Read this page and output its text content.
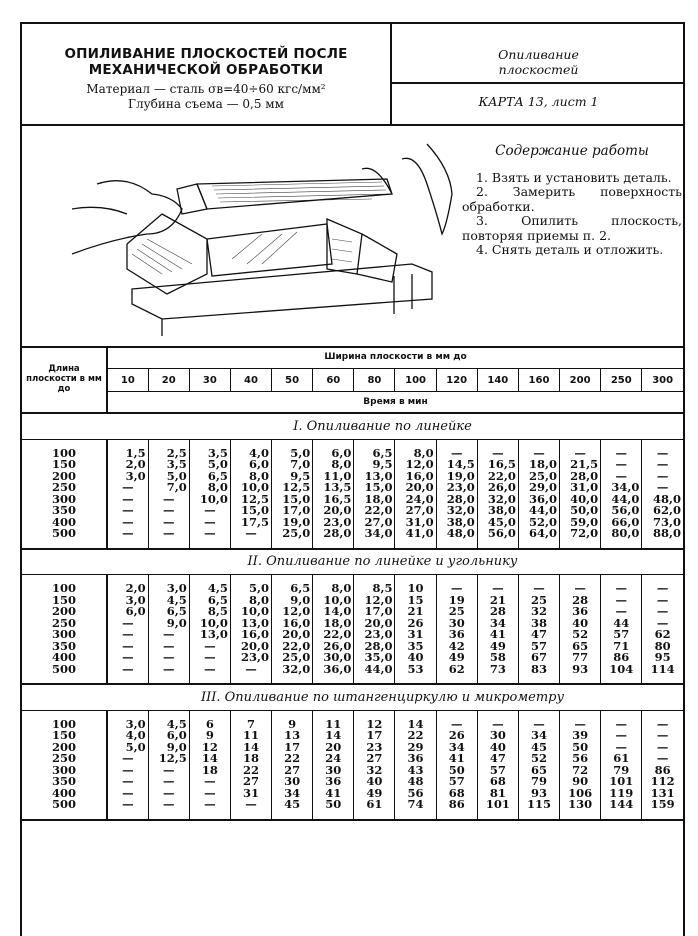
ОПИЛИВАНИЕ ПЛОСКОСТЕЙ ПОСЛЕ
МЕХАНИЧЕСКОЙ ОБРАБОТКИ
Материал — сталь σв=40÷60 кгс/мм²
Глубина съема — 0,5 мм
Опиливание
плоскостей
КАРТА 13, лист 1
Содержание работы
1. Взять и установить деталь.
2. Замерить поверхность обработки.
3. Опилить плоскость, повторяя приемы п. 2.
4. Снять деталь и отложить.
Длина плоскости в мм до	Ширина плоскости в мм до													
	10	20	30	40	50	60	80	100	120	140	160	200	250	300
	Время в мин													
I. Опиливание по линейке														
100	1,5	2,5	3,5	4,0	5,0	6,0	6,5	8,0	—	—	—	—	—	—
150	2,0	3,5	5,0	6,0	7,0	8,0	9,5	12,0	14,5	16,5	18,0	21,5	—	—
200	3,0	5,0	6,5	8,0	9,5	11,0	13,0	16,0	19,0	22,0	25,0	28,0	—	—
250	—	7,0	8,0	10,0	12,5	13,5	15,0	20,0	23,0	26,0	29,0	31,0	34,0	—
300	—	—	10,0	12,5	15,0	16,5	18,0	24,0	28,0	32,0	36,0	40,0	44,0	48,0
350	—	—	—	15,0	17,0	20,0	22,0	27,0	32,0	38,0	44,0	50,0	56,0	62,0
400	—	—	—	17,5	19,0	23,0	27,0	31,0	38,0	45,0	52,0	59,0	66,0	73,0
500	—	—	—	—	25,0	28,0	34,0	41,0	48,0	56,0	64,0	72,0	80,0	88,0
II. Опиливание по линейке и угольнику														
100	2,0	3,0	4,5	5,0	6,5	8,0	8,5	10	—	—	—	—	—	—
150	3,0	4,5	6,5	8,0	9,0	10,0	12,0	15	19	21	25	28	—	—
200	6,0	6,5	8,5	10,0	12,0	14,0	17,0	21	25	28	32	36	—	—
250	—	9,0	10,0	13,0	16,0	18,0	20,0	26	30	34	38	40	44	—
300	—	—	13,0	16,0	20,0	22,0	23,0	31	36	41	47	52	57	62
350	—	—	—	20,0	22,0	26,0	28,0	35	42	49	57	65	71	80
400	—	—	—	23,0	25,0	30,0	35,0	40	49	58	67	77	86	95
500	—	—	—	—	32,0	36,0	44,0	53	62	73	83	93	104	114
III. Опиливание по штангенциркулю и микрометру														
100	3,0	4,5	6	7	9	11	12	14	—	—	—	—	—	—
150	4,0	6,0	9	11	13	14	17	22	26	30	34	39	—	—
200	5,0	9,0	12	14	17	20	23	29	34	40	45	50	—	—
250	—	12,5	14	18	22	24	27	36	41	47	52	56	61	—
300	—	—	18	22	27	30	32	43	50	57	65	72	79	86
350	—	—	—	27	30	36	40	48	57	68	79	90	101	112
400	—	—	—	31	34	41	49	56	68	81	93	106	119	131
500	—	—	—	—	45	50	61	74	86	101	115	130	144	159
